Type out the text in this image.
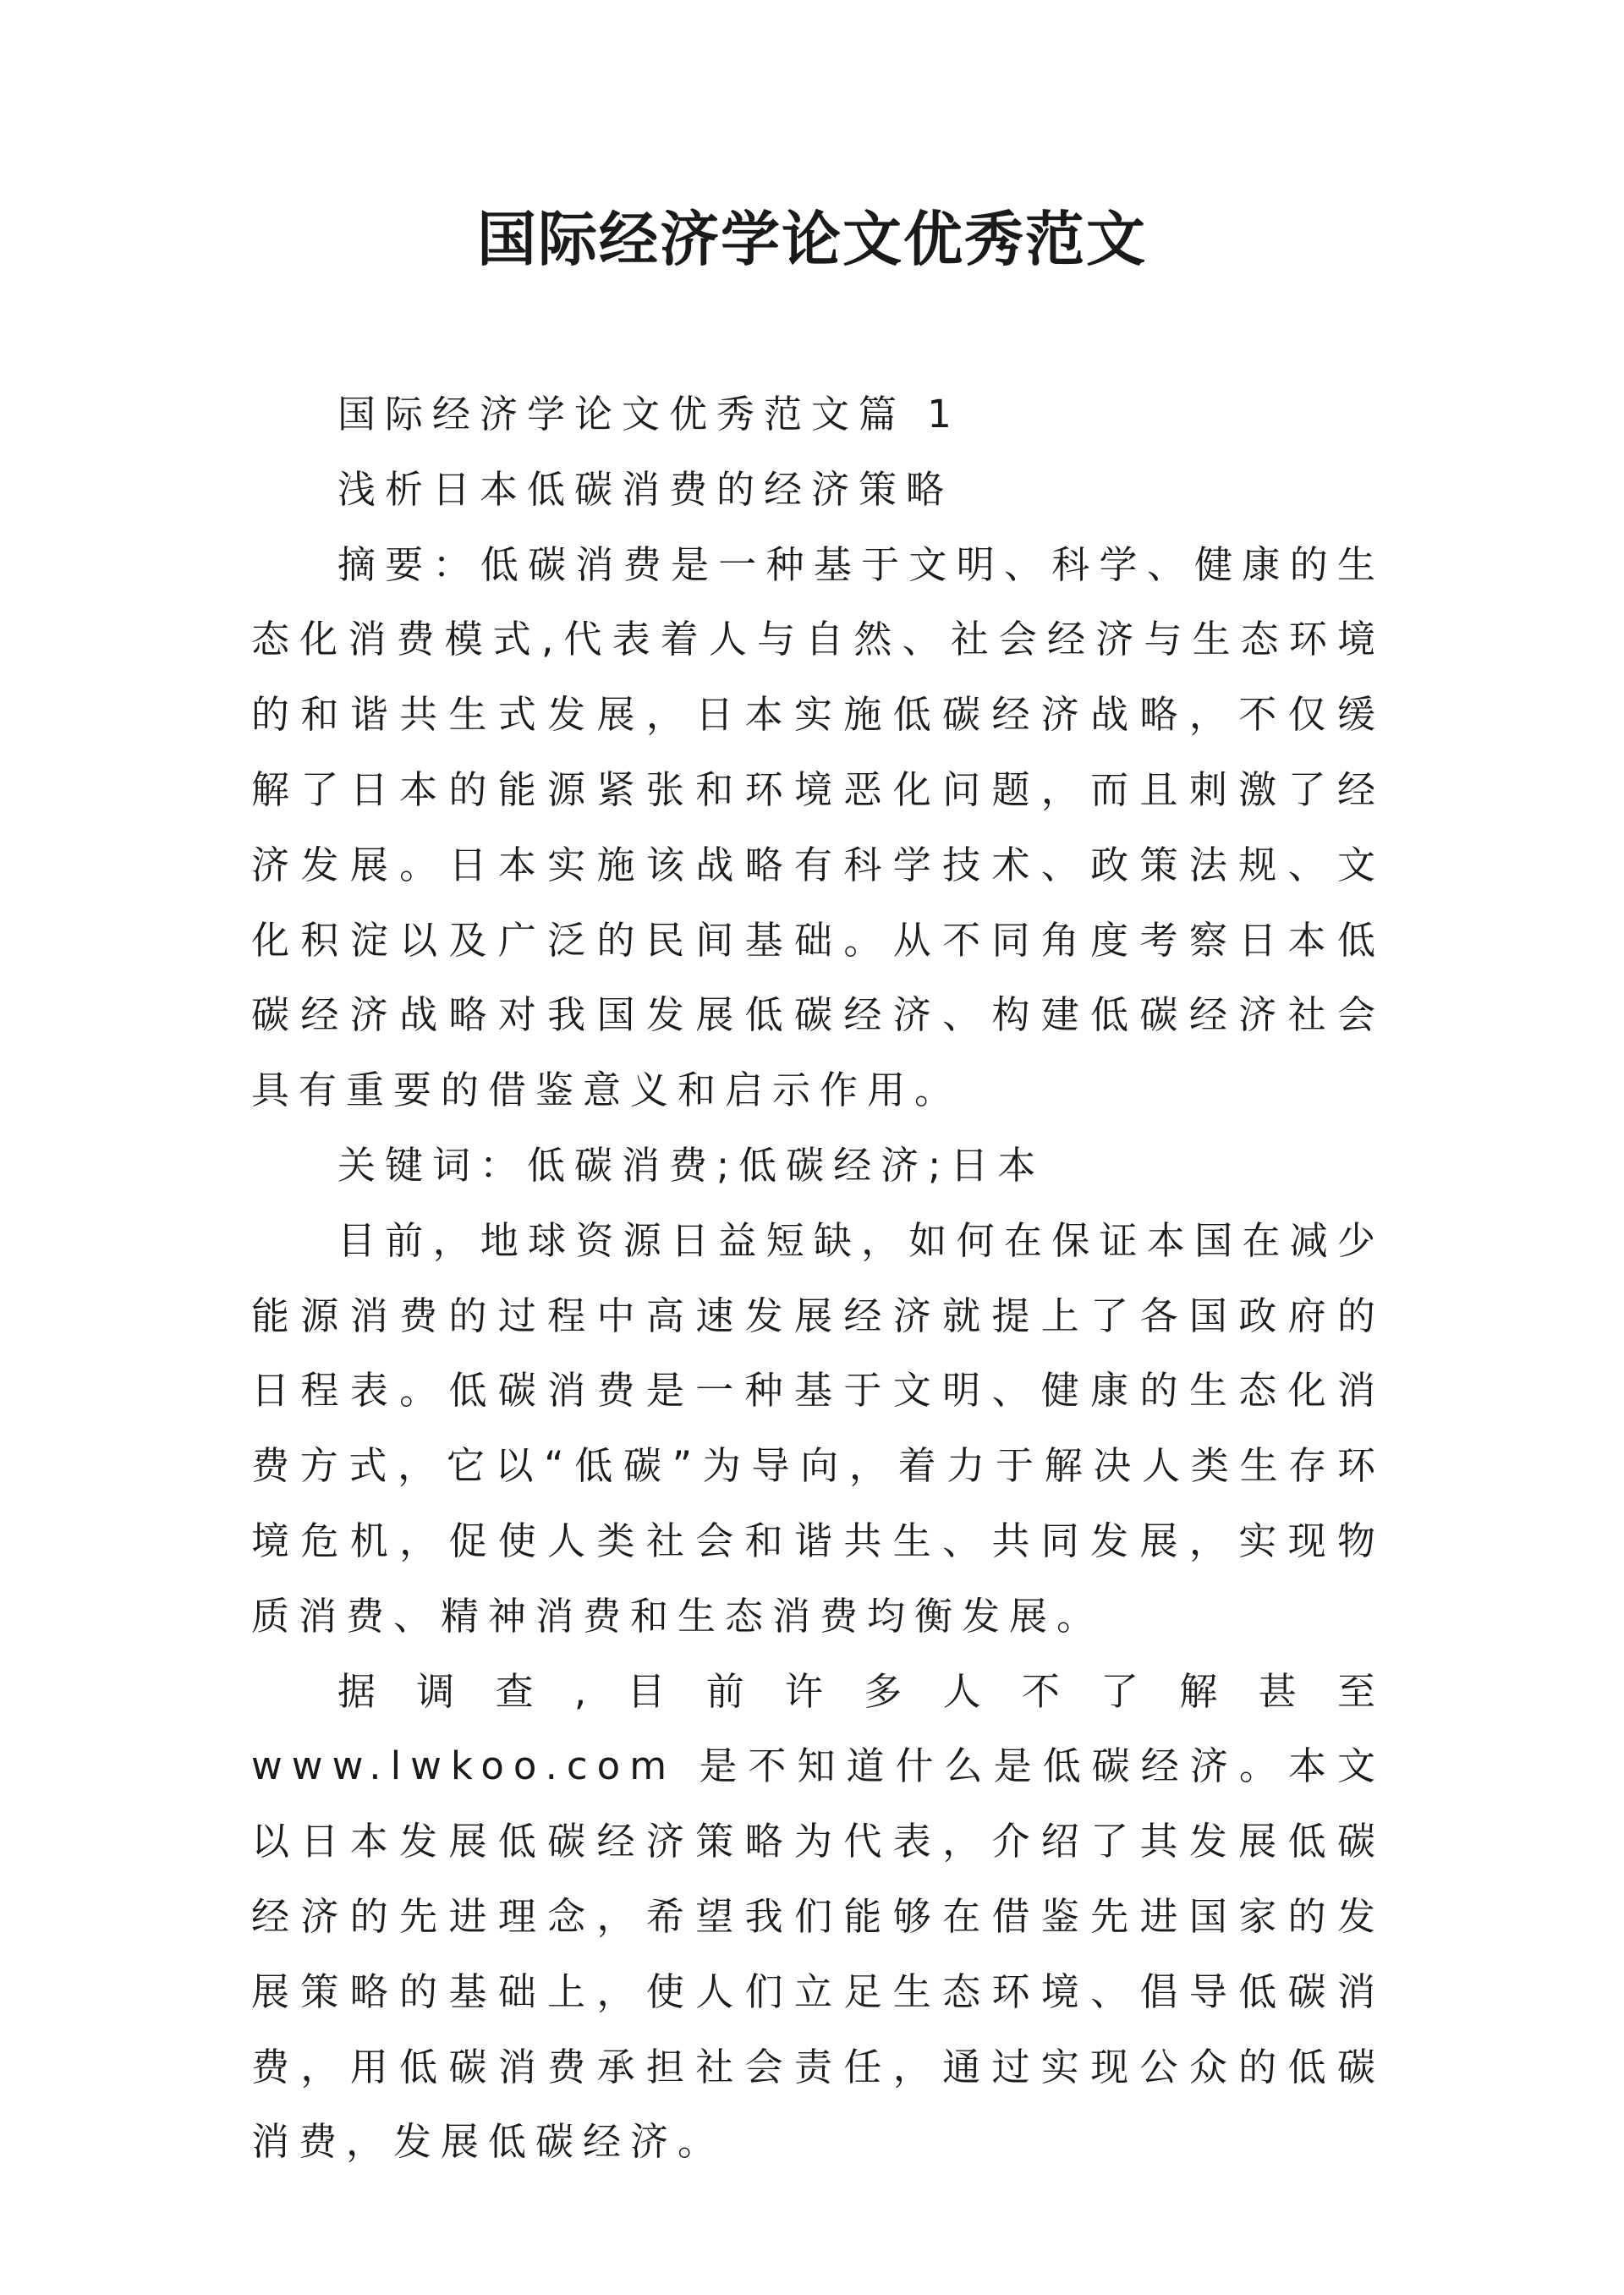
国际经济学论文优秀范文

国际经济学论文优秀范文篇 1

浅析日本低碳消费的经济策略

摘要：低碳消费是一种基于文明、科学、健康的生态化消费模式,代表着人与自然、社会经济与生态环境的和谐共生式发展，日本实施低碳经济战略，不仅缓解了日本的能源紧张和环境恶化问题，而且刺激了经济发展。日本实施该战略有科学技术、政策法规、文化积淀以及广泛的民间基础。从不同角度考察日本低碳经济战略对我国发展低碳经济、构建低碳经济社会具有重要的借鉴意义和启示作用。

关键词：低碳消费;低碳经济;日本

目前，地球资源日益短缺，如何在保证本国在减少能源消费的过程中高速发展经济就提上了各国政府的日程表。低碳消费是一种基于文明、健康的生态化消费方式，它以“低碳”为导向，着力于解决人类生存环境危机，促使人类社会和谐共生、共同发展，实现物质消费、精神消费和生态消费均衡发展。

据调查,目前许多人不了解甚至 www.lwkoo.com 是不知道什么是低碳经济。本文以日本发展低碳经济策略为代表，介绍了其发展低碳经济的先进理念，希望我们能够在借鉴先进国家的发展策略的基础上，使人们立足生态环境、倡导低碳消费，用低碳消费承担社会责任，通过实现公众的低碳消费，发展低碳经济。
